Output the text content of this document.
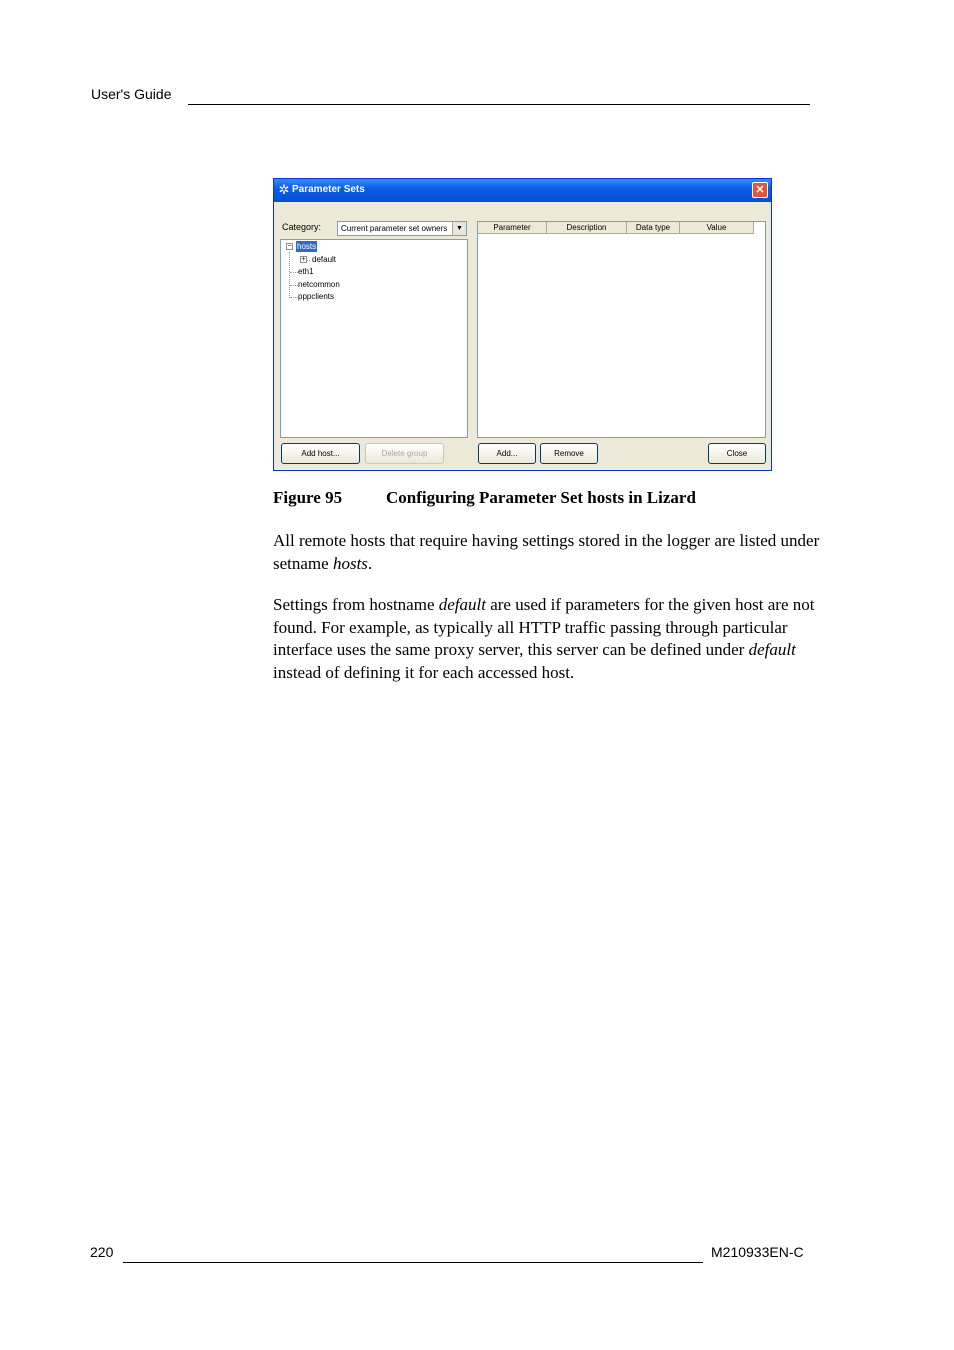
User's Guide
✲ Parameter Sets	✕
Category: Current parameter set owners	▼
− hosts
+ default
eth1
netcommon
pppclients
Parameter	Description	Data type	Value
Add host...	Delete group	Add...	Remove	Close
Figure 95	Configuring Parameter Set hosts in Lizard
All remote hosts that require having settings stored in the logger are listed under setname hosts.
Settings from hostname default are used if parameters for the given host are not found. For example, as typically all HTTP traffic passing through particular interface uses the same proxy server, this server can be defined under default instead of defining it for each accessed host.
220	M210933EN-C
